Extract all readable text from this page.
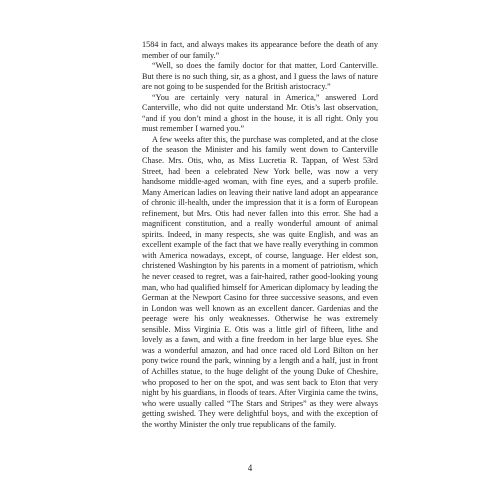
1584 in fact, and always makes its appearance before the death of any member of our family.”

“Well, so does the family doctor for that matter, Lord Canterville. But there is no such thing, sir, as a ghost, and I guess the laws of nature are not going to be suspended for the British aristocracy.”

“You are certainly very natural in America,” answered Lord Canterville, who did not quite understand Mr. Otis’s last observation, “and if you don’t mind a ghost in the house, it is all right. Only you must remember I warned you.”

A few weeks after this, the purchase was completed, and at the close of the season the Minister and his family went down to Canterville Chase. Mrs. Otis, who, as Miss Lucretia R. Tappan, of West 53rd Street, had been a celebrated New York belle, was now a very handsome middle-aged woman, with fine eyes, and a superb profile. Many American ladies on leaving their native land adopt an appearance of chronic ill-health, under the impression that it is a form of European refinement, but Mrs. Otis had never fallen into this error. She had a magnificent constitution, and a really wonderful amount of animal spirits. Indeed, in many respects, she was quite English, and was an excellent example of the fact that we have really everything in common with America nowadays, except, of course, language. Her eldest son, christened Washington by his parents in a moment of patriotism, which he never ceased to regret, was a fair-haired, rather good-looking young man, who had qualified himself for American diplomacy by leading the German at the Newport Casino for three successive seasons, and even in London was well known as an excellent dancer. Gardenias and the peerage were his only weaknesses. Otherwise he was extremely sensible. Miss Virginia E. Otis was a little girl of fifteen, lithe and lovely as a fawn, and with a fine freedom in her large blue eyes. She was a wonderful amazon, and had once raced old Lord Bilton on her pony twice round the park, winning by a length and a half, just in front of Achilles statue, to the huge delight of the young Duke of Cheshire, who proposed to her on the spot, and was sent back to Eton that very night by his guardians, in floods of tears. After Virginia came the twins, who were usually called “The Stars and Stripes” as they were always getting swished. They were delightful boys, and with the exception of the worthy Minister the only true republicans of the family.

4
